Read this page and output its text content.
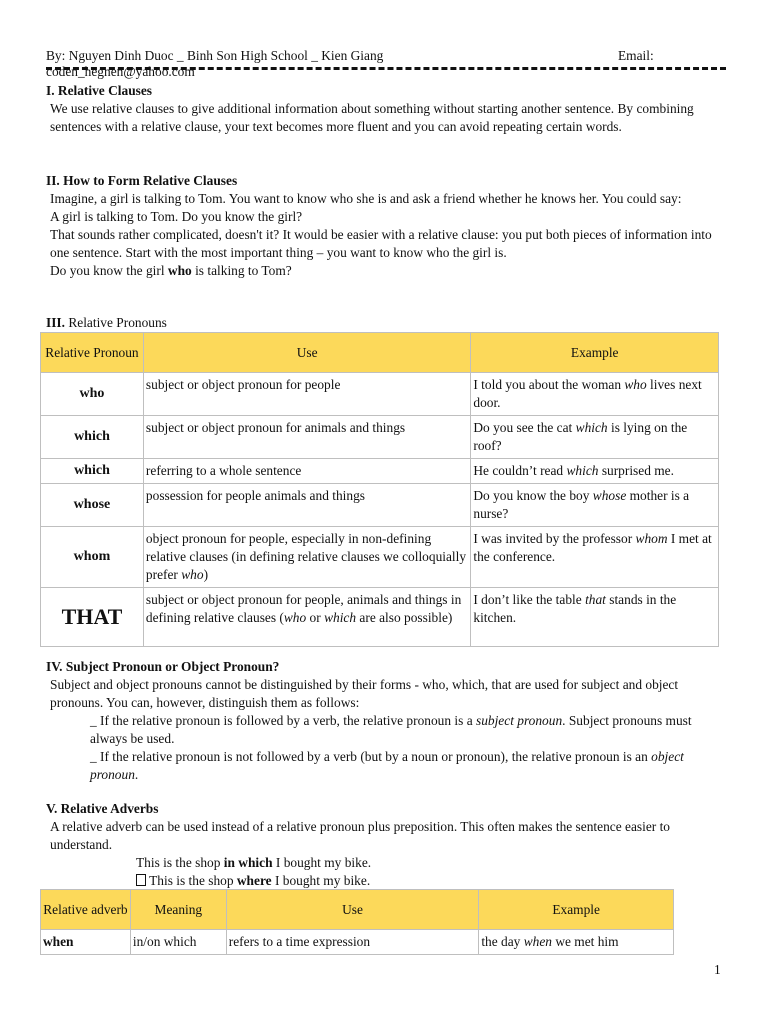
By: Nguyen Dinh Duoc _ Binh Son High School _ Kien Giang	Email:
coden_hegnen@yahoo.com
I. Relative Clauses
We use relative clauses to give additional information about something without starting another sentence. By combining sentences with a relative clause, your text becomes more fluent and you can avoid repeating certain words.
II. How to Form Relative Clauses
Imagine, a girl is talking to Tom. You want to know who she is and ask a friend whether he knows her. You could say:
A girl is talking to Tom. Do you know the girl?
That sounds rather complicated, doesn't it? It would be easier with a relative clause: you put both pieces of information into one sentence. Start with the most important thing – you want to know who the girl is.
Do you know the girl who is talking to Tom?
III. Relative Pronouns
Relative Pronoun	Use	Example
who	subject or object pronoun for people	I told you about the woman who lives next door.
which	subject or object pronoun for animals and things	Do you see the cat which is lying on the roof?
which	referring to a whole sentence	He couldn’t read which surprised me.
whose	possession for people animals and things	Do you know the boy whose mother is a nurse?
whom	object pronoun for people, especially in non-defining relative clauses (in defining relative clauses we colloquially prefer who)	I was invited by the professor whom I met at the conference.
THAT	subject or object pronoun for people, animals and things in defining relative clauses (who or which are also possible)	I don’t like the table that stands in the kitchen.
IV. Subject Pronoun or Object Pronoun?
Subject and object pronouns cannot be distinguished by their forms - who, which, that are used for subject and object pronouns. You can, however, distinguish them as follows:
_ If the relative pronoun is followed by a verb, the relative pronoun is a subject pronoun. Subject pronouns must always be used.
_ If the relative pronoun is not followed by a verb (but by a noun or pronoun), the relative pronoun is an object pronoun.
V. Relative Adverbs
A relative adverb can be used instead of a relative pronoun plus preposition. This often makes the sentence easier to understand.
This is the shop in which I bought my bike.
This is the shop where I bought my bike.
Relative adverb	Meaning	Use	Example
when	in/on which	refers to a time expression	the day when we met him
1
